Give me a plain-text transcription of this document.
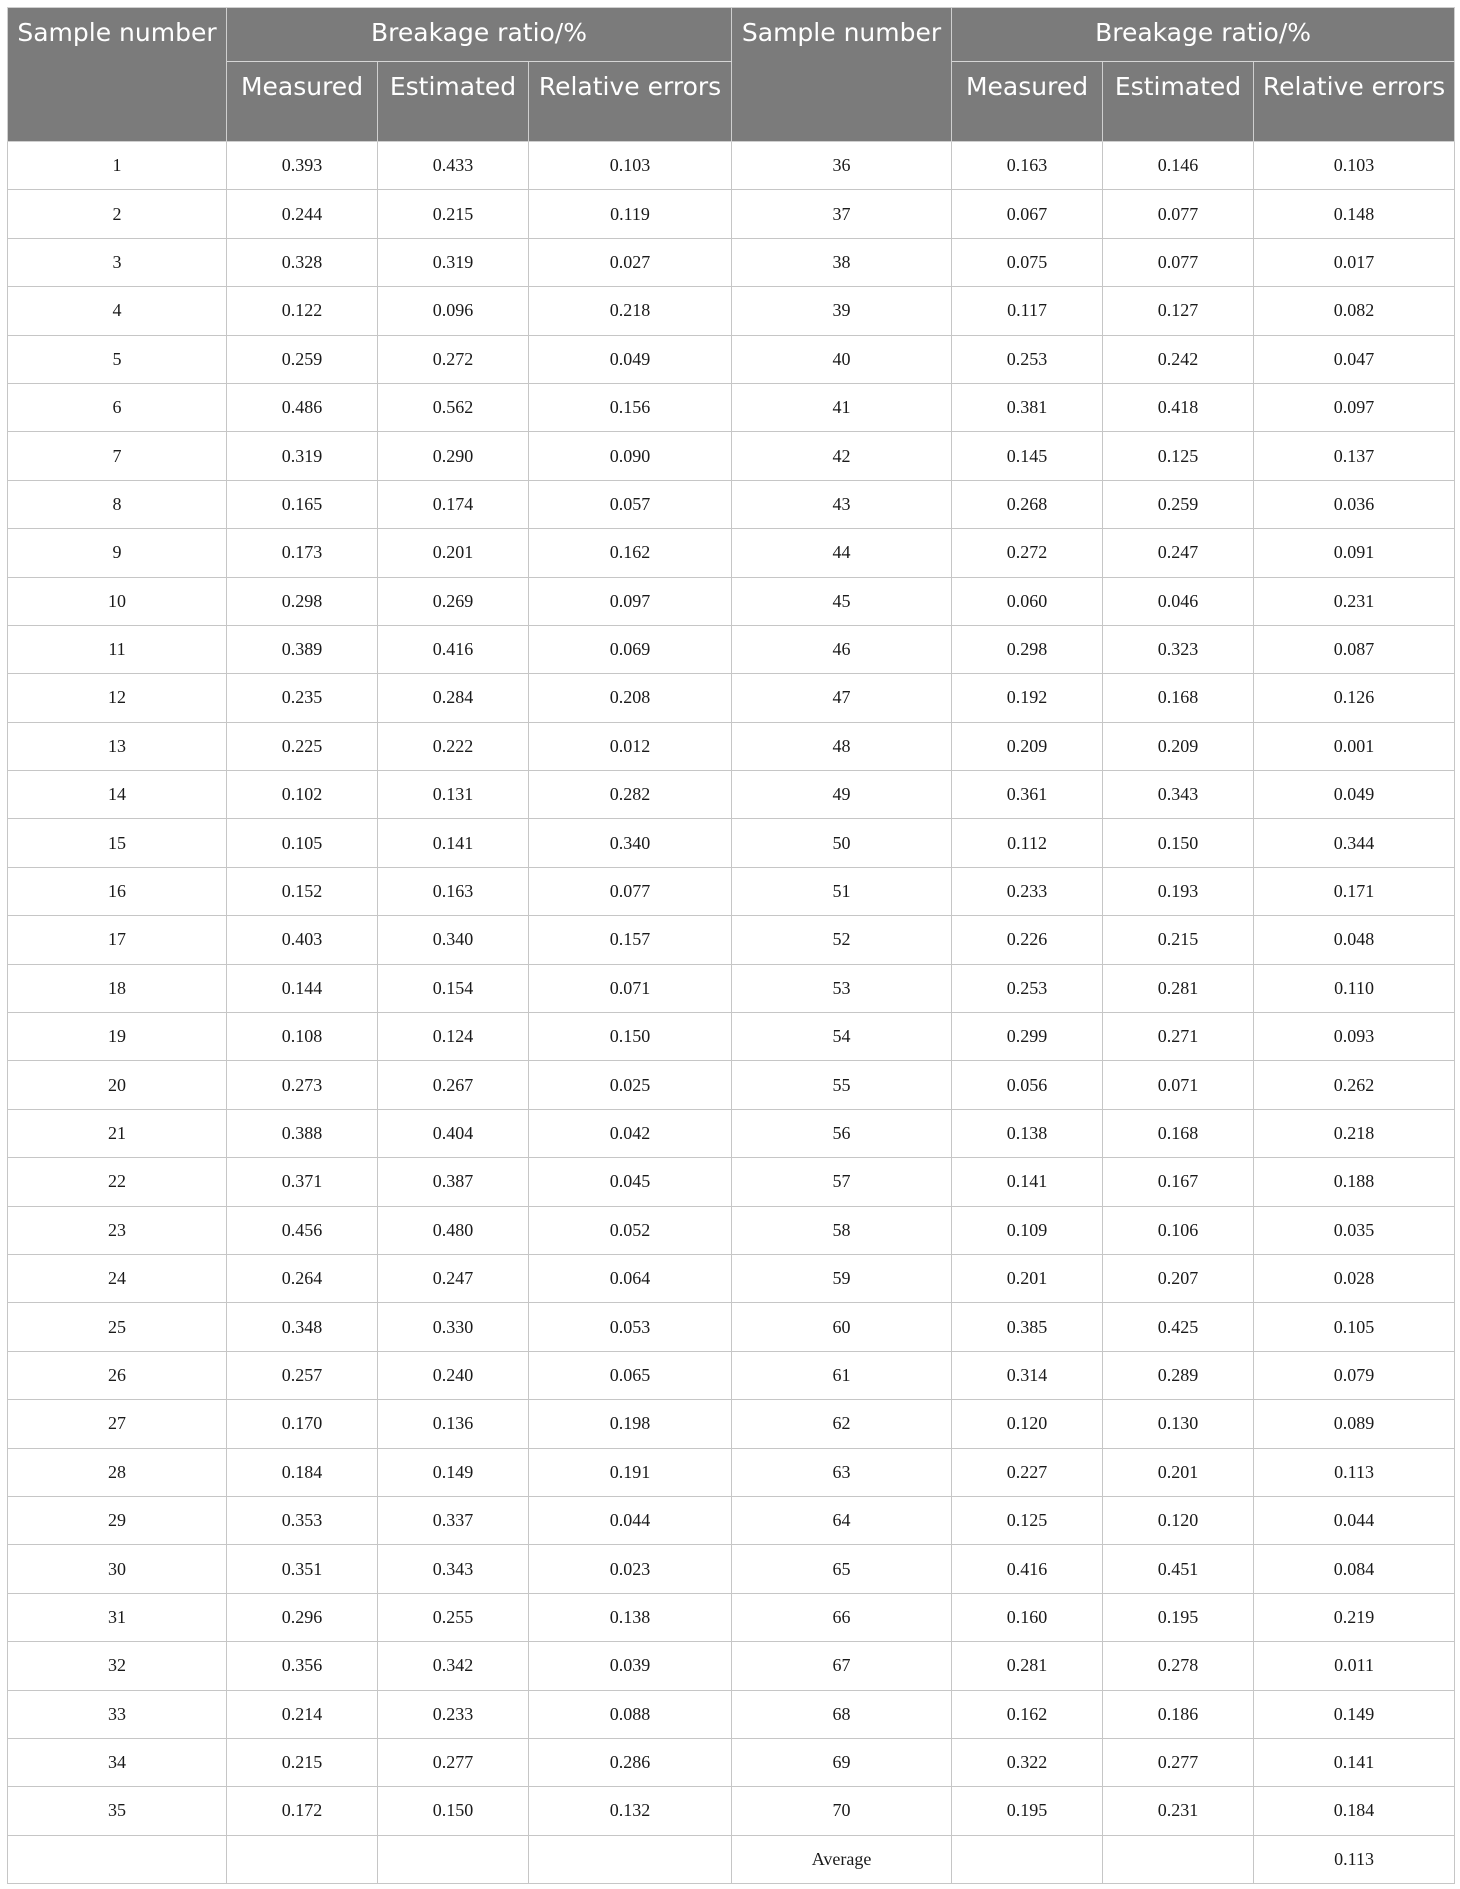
Sample number	Breakage ratio/%			Sample number	Breakage ratio/%		
	Measured	Estimated	Relative errors		Measured	Estimated	Relative errors
1	0.393	0.433	0.103	36	0.163	0.146	0.103
2	0.244	0.215	0.119	37	0.067	0.077	0.148
3	0.328	0.319	0.027	38	0.075	0.077	0.017
4	0.122	0.096	0.218	39	0.117	0.127	0.082
5	0.259	0.272	0.049	40	0.253	0.242	0.047
6	0.486	0.562	0.156	41	0.381	0.418	0.097
7	0.319	0.290	0.090	42	0.145	0.125	0.137
8	0.165	0.174	0.057	43	0.268	0.259	0.036
9	0.173	0.201	0.162	44	0.272	0.247	0.091
10	0.298	0.269	0.097	45	0.060	0.046	0.231
11	0.389	0.416	0.069	46	0.298	0.323	0.087
12	0.235	0.284	0.208	47	0.192	0.168	0.126
13	0.225	0.222	0.012	48	0.209	0.209	0.001
14	0.102	0.131	0.282	49	0.361	0.343	0.049
15	0.105	0.141	0.340	50	0.112	0.150	0.344
16	0.152	0.163	0.077	51	0.233	0.193	0.171
17	0.403	0.340	0.157	52	0.226	0.215	0.048
18	0.144	0.154	0.071	53	0.253	0.281	0.110
19	0.108	0.124	0.150	54	0.299	0.271	0.093
20	0.273	0.267	0.025	55	0.056	0.071	0.262
21	0.388	0.404	0.042	56	0.138	0.168	0.218
22	0.371	0.387	0.045	57	0.141	0.167	0.188
23	0.456	0.480	0.052	58	0.109	0.106	0.035
24	0.264	0.247	0.064	59	0.201	0.207	0.028
25	0.348	0.330	0.053	60	0.385	0.425	0.105
26	0.257	0.240	0.065	61	0.314	0.289	0.079
27	0.170	0.136	0.198	62	0.120	0.130	0.089
28	0.184	0.149	0.191	63	0.227	0.201	0.113
29	0.353	0.337	0.044	64	0.125	0.120	0.044
30	0.351	0.343	0.023	65	0.416	0.451	0.084
31	0.296	0.255	0.138	66	0.160	0.195	0.219
32	0.356	0.342	0.039	67	0.281	0.278	0.011
33	0.214	0.233	0.088	68	0.162	0.186	0.149
34	0.215	0.277	0.286	69	0.322	0.277	0.141
35	0.172	0.150	0.132	70	0.195	0.231	0.184
				Average			0.113
